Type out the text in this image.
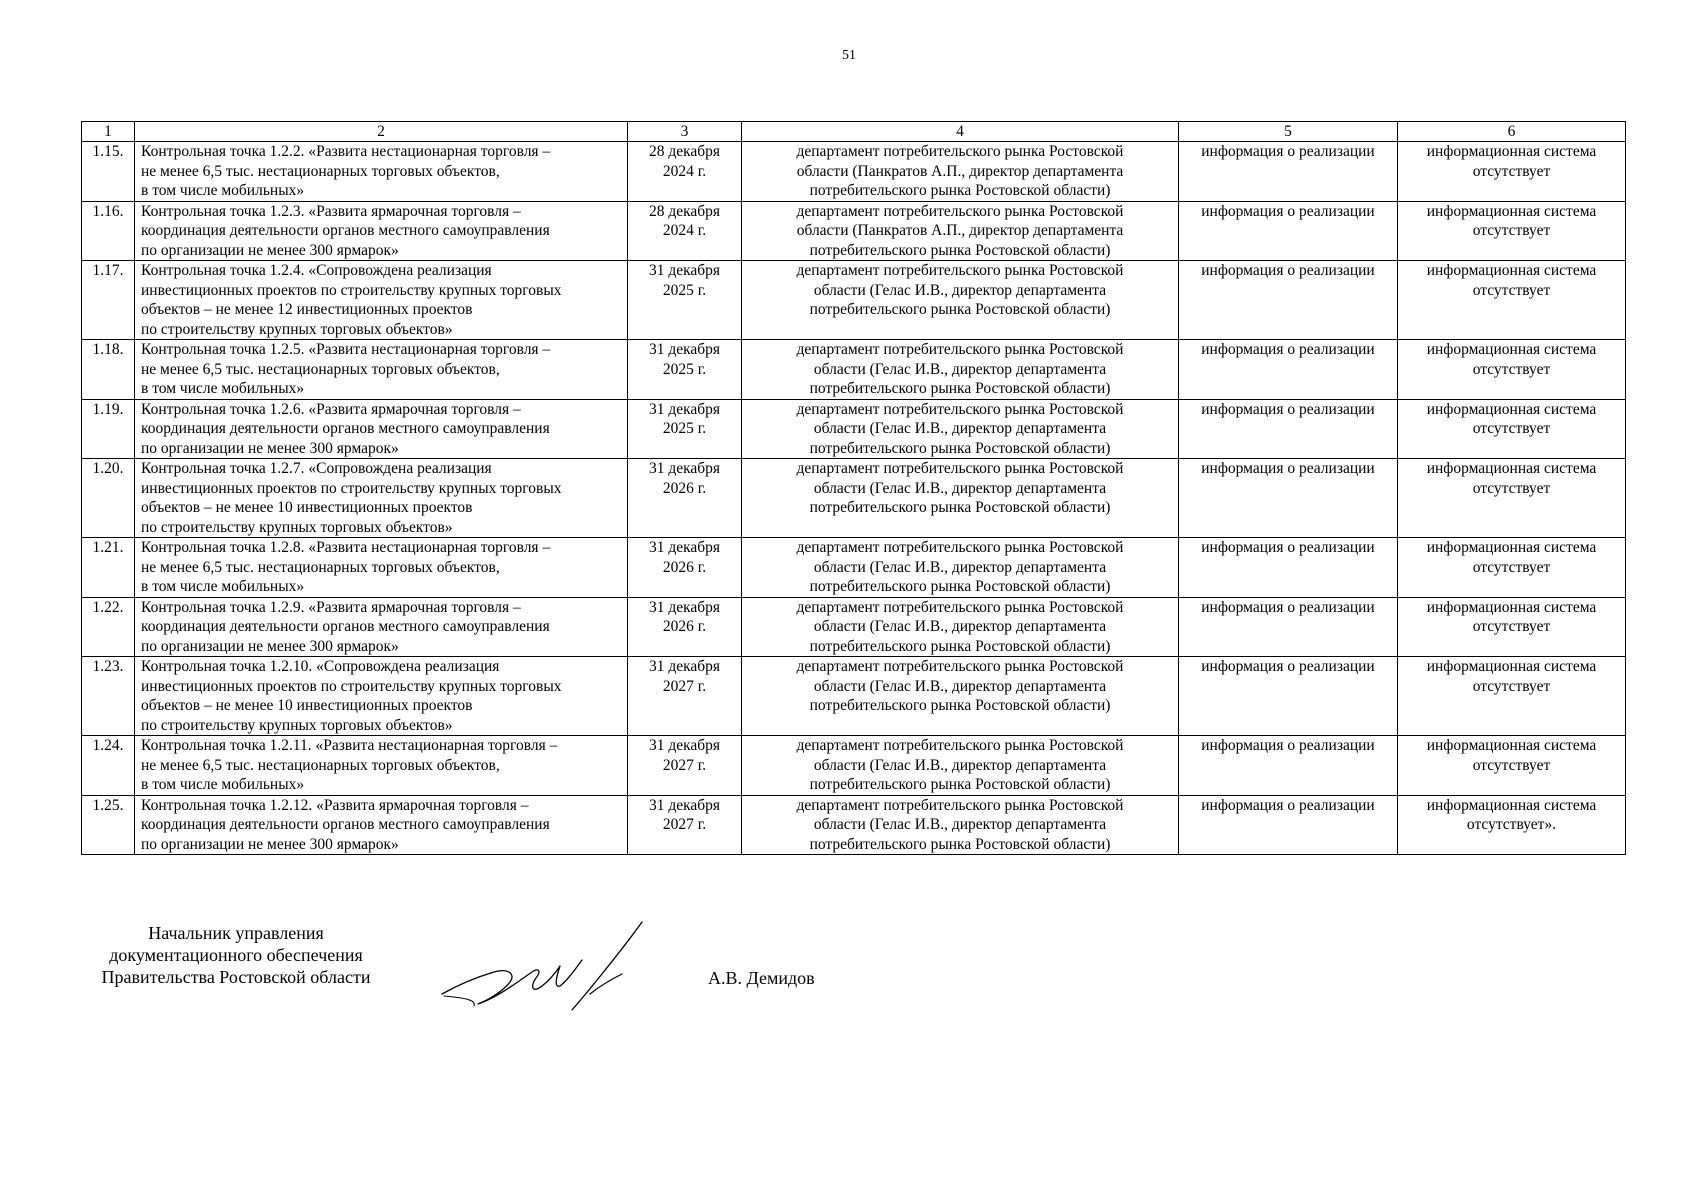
51
1	2	3	4	5	6
1.15.	Контрольная точка 1.2.2. «Развита нестационарная торговля –
не менее 6,5 тыс. нестационарных торговых объектов,
в том числе мобильных»	28 декабря
2024 г.	департамент потребительского рынка Ростовской
области (Панкратов А.П., директор департамента
потребительского рынка Ростовской области)	информация о реализации	информационная система
отсутствует

1.16.	Контрольная точка 1.2.3. «Развита ярмарочная торговля –
координация деятельности органов местного самоуправления
по организации не менее 300 ярмарок»	28 декабря
2024 г.	департамент потребительского рынка Ростовской
области (Панкратов А.П., директор департамента
потребительского рынка Ростовской области)	информация о реализации	информационная система
отсутствует

1.17.	Контрольная точка 1.2.4. «Сопровождена реализация
инвестиционных проектов по строительству крупных торговых
объектов – не менее 12 инвестиционных проектов
по строительству крупных торговых объектов»	31 декабря
2025 г.	департамент потребительского рынка Ростовской
области (Гелас И.В., директор департамента
потребительского рынка Ростовской области)	информация о реализации	информационная система
отсутствует

1.18.	Контрольная точка 1.2.5. «Развита нестационарная торговля –
не менее 6,5 тыс. нестационарных торговых объектов,
в том числе мобильных»	31 декабря
2025 г.	департамент потребительского рынка Ростовской
области (Гелас И.В., директор департамента
потребительского рынка Ростовской области)	информация о реализации	информационная система
отсутствует

1.19.	Контрольная точка 1.2.6. «Развита ярмарочная торговля –
координация деятельности органов местного самоуправления
по организации не менее 300 ярмарок»	31 декабря
2025 г.	департамент потребительского рынка Ростовской
области (Гелас И.В., директор департамента
потребительского рынка Ростовской области)	информация о реализации	информационная система
отсутствует

1.20.	Контрольная точка 1.2.7. «Сопровождена реализация
инвестиционных проектов по строительству крупных торговых
объектов – не менее 10 инвестиционных проектов
по строительству крупных торговых объектов»	31 декабря
2026 г.	департамент потребительского рынка Ростовской
области (Гелас И.В., директор департамента
потребительского рынка Ростовской области)	информация о реализации	информационная система
отсутствует

1.21.	Контрольная точка 1.2.8. «Развита нестационарная торговля –
не менее 6,5 тыс. нестационарных торговых объектов,
в том числе мобильных»	31 декабря
2026 г.	департамент потребительского рынка Ростовской
области (Гелас И.В., директор департамента
потребительского рынка Ростовской области)	информация о реализации	информационная система
отсутствует

1.22.	Контрольная точка 1.2.9. «Развита ярмарочная торговля –
координация деятельности органов местного самоуправления
по организации не менее 300 ярмарок»	31 декабря
2026 г.	департамент потребительского рынка Ростовской
области (Гелас И.В., директор департамента
потребительского рынка Ростовской области)	информация о реализации	информационная система
отсутствует

1.23.	Контрольная точка 1.2.10. «Сопровождена реализация
инвестиционных проектов по строительству крупных торговых
объектов – не менее 10 инвестиционных проектов
по строительству крупных торговых объектов»	31 декабря
2027 г.	департамент потребительского рынка Ростовской
области (Гелас И.В., директор департамента
потребительского рынка Ростовской области)	информация о реализации	информационная система
отсутствует

1.24.	Контрольная точка 1.2.11. «Развита нестационарная торговля –
не менее 6,5 тыс. нестационарных торговых объектов,
в том числе мобильных»	31 декабря
2027 г.	департамент потребительского рынка Ростовской
области (Гелас И.В., директор департамента
потребительского рынка Ростовской области)	информация о реализации	информационная система
отсутствует

1.25.	Контрольная точка 1.2.12. «Развита ярмарочная торговля –
координация деятельности органов местного самоуправления
по организации не менее 300 ярмарок»	31 декабря
2027 г.	департамент потребительского рынка Ростовской
области (Гелас И.В., директор департамента
потребительского рынка Ростовской области)	информация о реализации	информационная система
отсутствует».
Начальник управления
документационного обеспечения
Правительства Ростовской области	А.В. Демидов
